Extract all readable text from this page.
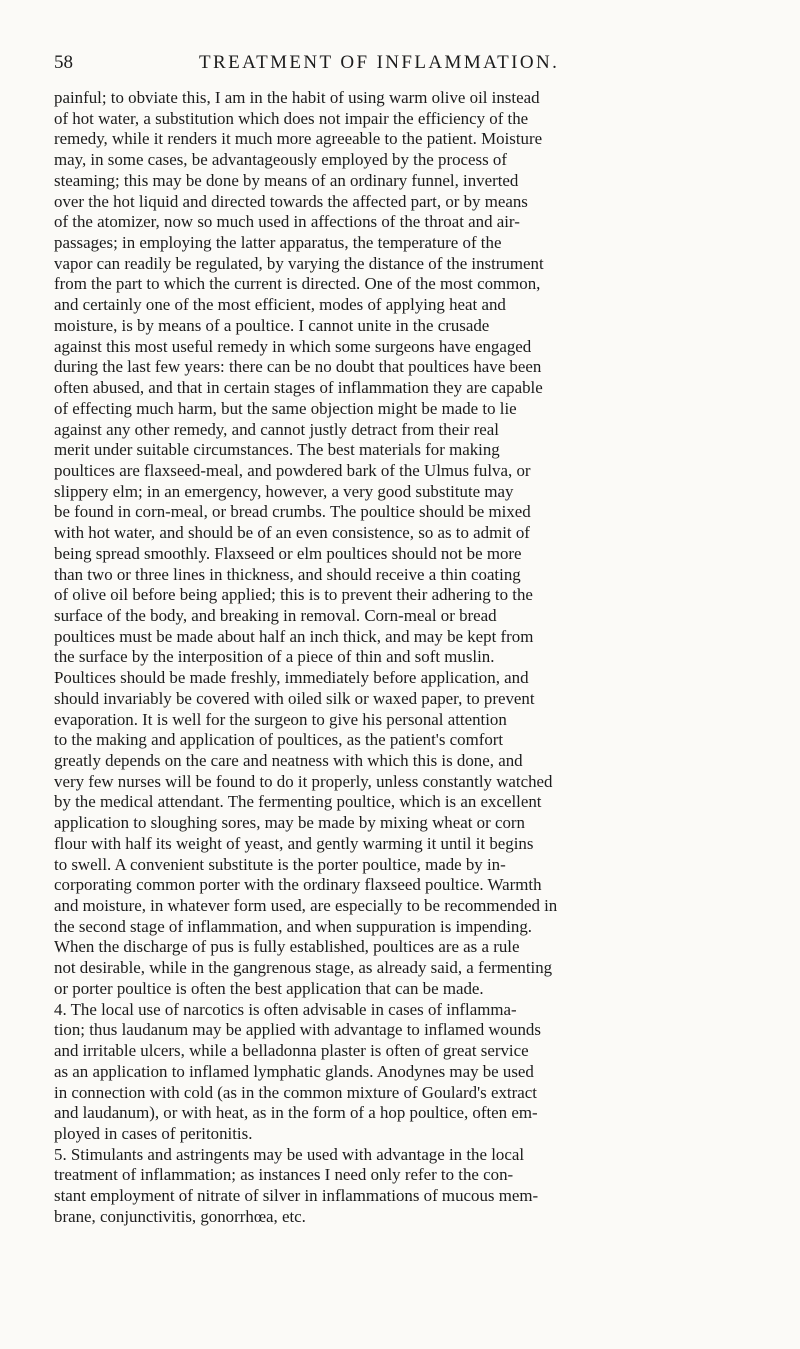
58	TREATMENT OF INFLAMMATION.
painful; to obviate this, I am in the habit of using warm olive oil instead
of hot water, a substitution which does not impair the efficiency of the
remedy, while it renders it much more agreeable to the patient. Moisture
may, in some cases, be advantageously employed by the process of
steaming; this may be done by means of an ordinary funnel, inverted
over the hot liquid and directed towards the affected part, or by means
of the atomizer, now so much used in affections of the throat and air-
passages; in employing the latter apparatus, the temperature of the
vapor can readily be regulated, by varying the distance of the instrument
from the part to which the current is directed. One of the most common,
and certainly one of the most efficient, modes of applying heat and
moisture, is by means of a poultice. I cannot unite in the crusade
against this most useful remedy in which some surgeons have engaged
during the last few years: there can be no doubt that poultices have been
often abused, and that in certain stages of inflammation they are capable
of effecting much harm, but the same objection might be made to lie
against any other remedy, and cannot justly detract from their real
merit under suitable circumstances. The best materials for making
poultices are flaxseed-meal, and powdered bark of the Ulmus fulva, or
slippery elm; in an emergency, however, a very good substitute may
be found in corn-meal, or bread crumbs. The poultice should be mixed
with hot water, and should be of an even consistence, so as to admit of
being spread smoothly. Flaxseed or elm poultices should not be more
than two or three lines in thickness, and should receive a thin coating
of olive oil before being applied; this is to prevent their adhering to the
surface of the body, and breaking in removal. Corn-meal or bread
poultices must be made about half an inch thick, and may be kept from
the surface by the interposition of a piece of thin and soft muslin.
Poultices should be made freshly, immediately before application, and
should invariably be covered with oiled silk or waxed paper, to prevent
evaporation. It is well for the surgeon to give his personal attention
to the making and application of poultices, as the patient's comfort
greatly depends on the care and neatness with which this is done, and
very few nurses will be found to do it properly, unless constantly watched
by the medical attendant. The fermenting poultice, which is an excellent
application to sloughing sores, may be made by mixing wheat or corn
flour with half its weight of yeast, and gently warming it until it begins
to swell. A convenient substitute is the porter poultice, made by in-
corporating common porter with the ordinary flaxseed poultice. Warmth
and moisture, in whatever form used, are especially to be recommended in
the second stage of inflammation, and when suppuration is impending.
When the discharge of pus is fully established, poultices are as a rule
not desirable, while in the gangrenous stage, as already said, a fermenting
or porter poultice is often the best application that can be made.
4. The local use of narcotics is often advisable in cases of inflamma-
tion; thus laudanum may be applied with advantage to inflamed wounds
and irritable ulcers, while a belladonna plaster is often of great service
as an application to inflamed lymphatic glands. Anodynes may be used
in connection with cold (as in the common mixture of Goulard's extract
and laudanum), or with heat, as in the form of a hop poultice, often em-
ployed in cases of peritonitis.
5. Stimulants and astringents may be used with advantage in the local
treatment of inflammation; as instances I need only refer to the con-
stant employment of nitrate of silver in inflammations of mucous mem-
brane, conjunctivitis, gonorrhœa, etc.
